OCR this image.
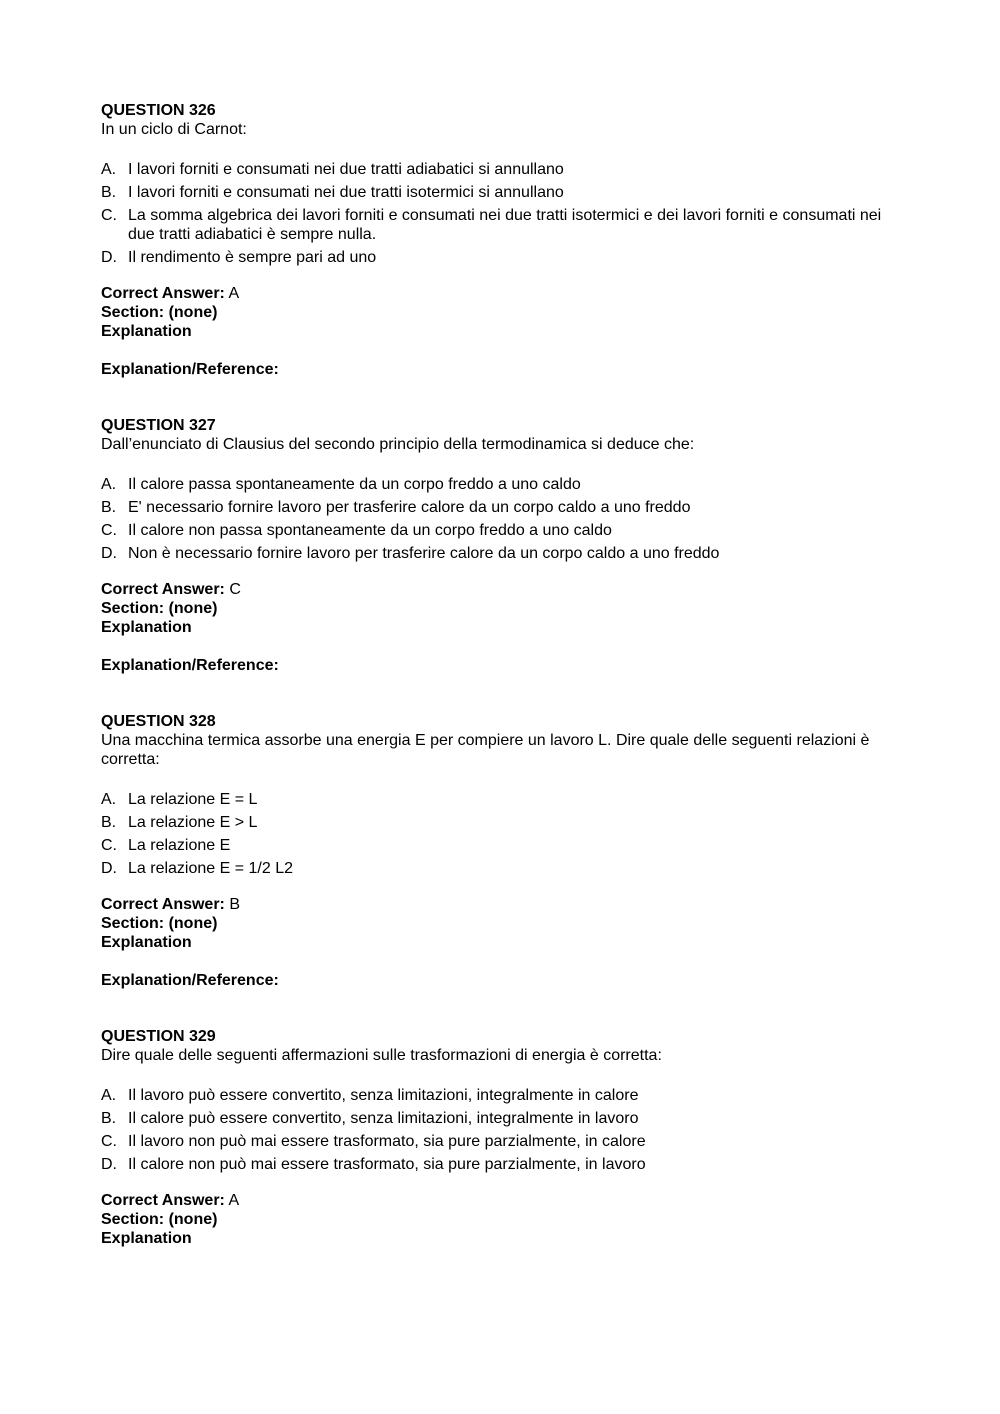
QUESTION 326

In un ciclo di Carnot:

A. I lavori forniti e consumati nei due tratti adiabatici si annullano
B. I lavori forniti e consumati nei due tratti isotermici si annullano
C. La somma algebrica dei lavori forniti e consumati nei due tratti isotermici e dei lavori forniti e consumati nei due tratti adiabatici è sempre nulla.
D. Il rendimento è sempre pari ad uno
Correct Answer: A
Section: (none)
Explanation
Explanation/Reference:
QUESTION 327

Dall’enunciato di Clausius del secondo principio della termodinamica si deduce che:

A. Il calore passa spontaneamente da un corpo freddo a uno caldo
B. E' necessario fornire lavoro per trasferire calore da un corpo caldo a uno freddo
C. Il calore non passa spontaneamente da un corpo freddo a uno caldo
D. Non è necessario fornire lavoro per trasferire calore da un corpo caldo a uno freddo
Correct Answer: C
Section: (none)
Explanation
Explanation/Reference:
QUESTION 328

Una macchina termica assorbe una energia E per compiere un lavoro L. Dire quale delle seguenti relazioni è corretta:

A. La relazione E = L
B. La relazione E > L
C. La relazione E
D. La relazione E = 1/2 L2
Correct Answer: B
Section: (none)
Explanation
Explanation/Reference:
QUESTION 329

Dire quale delle seguenti affermazioni sulle trasformazioni di energia è corretta:

A. Il lavoro può essere convertito, senza limitazioni, integralmente in calore
B. Il calore può essere convertito, senza limitazioni, integralmente in lavoro
C. Il lavoro non può mai essere trasformato, sia pure parzialmente, in calore
D. Il calore non può mai essere trasformato, sia pure parzialmente, in lavoro
Correct Answer: A
Section: (none)
Explanation
